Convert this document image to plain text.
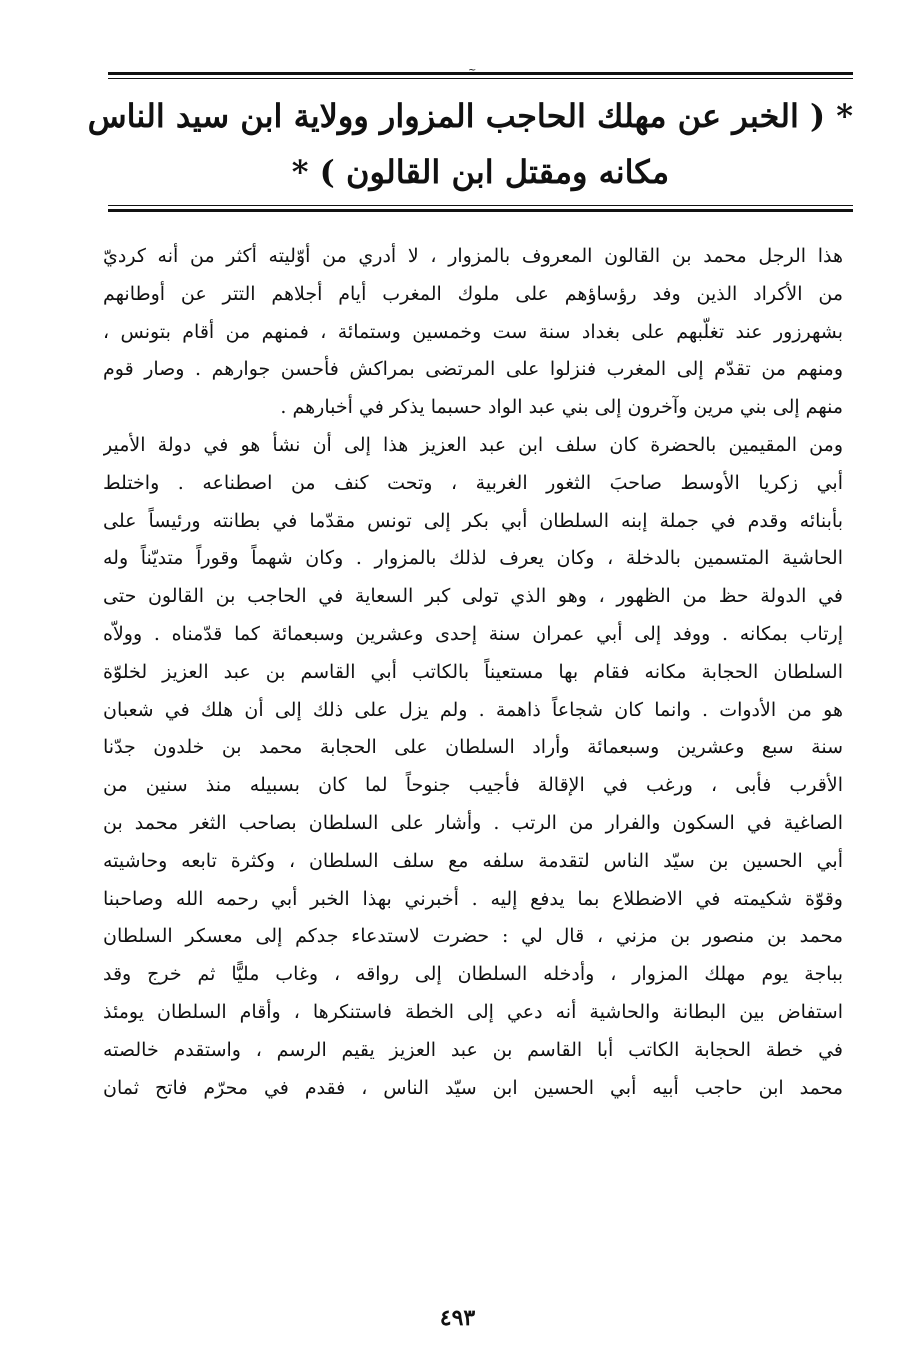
~
* ( الخبر عن مهلك الحاجب المزوار وولاية ابن سيد الناس
مكانه ومقتل ابن القالون ) *
هذا الرجل محمد بن القالون المعروف بالمزوار ، لا أدري من أوّليته أكثر من أنه كرديّ
من الأكراد الذين وفد رؤساؤهم على ملوك المغرب أيام أجلاهم التتر عن أوطانهم
بشهرزور عند تغلّبهم على بغداد سنة ست وخمسين وستمائة ، فمنهم من أقام بتونس ،
ومنهم من تقدّم إلى المغرب فنزلوا على المرتضى بمراكش فأحسن جوارهم . وصار قوم
منهم إلى بني مرين وآخرون إلى بني عبد الواد حسبما يذكر في أخبارهم .
ومن المقيمين بالحضرة كان سلف ابن عبد العزيز هذا إلى أن نشأ هو في دولة الأمير
أبي زكريا الأوسط صاحبَ الثغور الغربية ، وتحت كنف من اصطناعه . واختلط
بأبنائه وقدم في جملة إبنه السلطان أبي بكر إلى تونس مقدّما في بطانته ورئيساً على
الحاشية المتسمين بالدخلة ، وكان يعرف لذلك بالمزوار . وكان شهماً وقوراً متديّناً وله
في الدولة حظ من الظهور ، وهو الذي تولى كبر السعاية في الحاجب بن القالون حتى
إرتاب بمكانه . ووفد إلى أبي عمران سنة إحدى وعشرين وسبعمائة كما قدّمناه . وولاّه
السلطان الحجابة مكانه فقام بها مستعيناً بالكاتب أبي القاسم بن عبد العزيز لخلوّة
هو من الأدوات . وانما كان شجاعاً ذاهمة . ولم يزل على ذلك إلى أن هلك في شعبان
سنة سبع وعشرين وسبعمائة وأراد السلطان على الحجابة محمد بن خلدون جدّنا
الأقرب فأبى ، ورغب في الإقالة فأجيب جنوحاً لما كان بسبيله منذ سنين من
الصاغية في السكون والفرار من الرتب . وأشار على السلطان بصاحب الثغر محمد بن
أبي الحسين بن سيّد الناس لتقدمة سلفه مع سلف السلطان ، وكثرة تابعه وحاشيته
وقوّة شكيمته في الاضطلاع بما يدفع إليه . أخبرني بهذا الخبر أبي رحمه الله وصاحبنا
محمد بن منصور بن مزني ، قال لي : حضرت لاستدعاء جدكم إلى معسكر السلطان
بباجة يوم مهلك المزوار ، وأدخله السلطان إلى رواقه ، وغاب مليًّا ثم خرج وقد
استفاض بين البطانة والحاشية أنه دعي إلى الخطة فاستنكرها ، وأقام السلطان يومئذ
في خطة الحجابة الكاتب أبا القاسم بن عبد العزيز يقيم الرسم ، واستقدم خالصته
محمد ابن حاجب أبيه أبي الحسين ابن سيّد الناس ، فقدم في محرّم فاتح ثمان
٤٩٣
